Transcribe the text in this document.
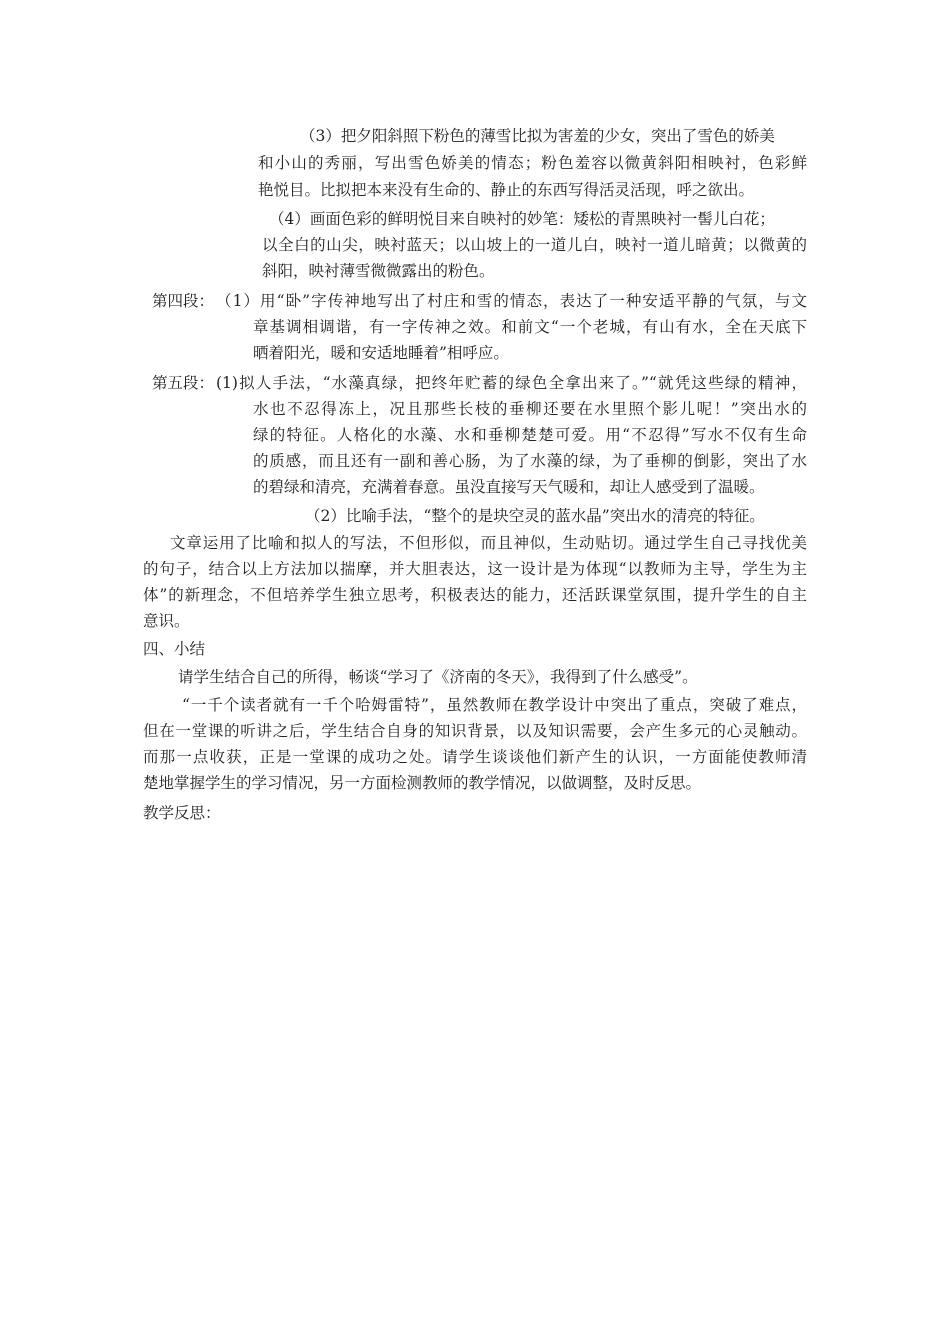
（3）把夕阳斜照下粉色的薄雪比拟为害羞的少女，突出了雪色的娇美
和小山的秀丽，写出雪色娇美的情态；粉色羞容以微黄斜阳相映衬，色彩鲜
艳悦目。比拟把本来没有生命的、静止的东西写得活灵活现，呼之欲出。
（4）画面色彩的鲜明悦目来自映衬的妙笔：矮松的青黑映衬一髻儿白花；
以全白的山尖，映衬蓝天；以山坡上的一道儿白，映衬一道儿暗黄；以微黄的
斜阳，映衬薄雪微微露出的粉色。
第四段： （1）用“卧”字传神地写出了村庄和雪的情态，表达了一种安适平静的气氛，与文
章基调相调谐，有一字传神之效。和前文“一个老城，有山有水，全在天底下
晒着阳光，暖和安适地睡着”相呼应。
第五段： (1)拟人手法，“水藻真绿，把终年贮蓄的绿色全拿出来了。”“就凭这些绿的精神，
水也不忍得冻上，况且那些长枝的垂柳还要在水里照个影儿呢！”突出水的
绿的特征。人格化的水藻、水和垂柳楚楚可爱。用“不忍得”写水不仅有生命
的质感，而且还有一副和善心肠，为了水藻的绿，为了垂柳的倒影，突出了水
的碧绿和清亮，充满着春意。虽没直接写天气暖和，却让人感受到了温暖。
（2）比喻手法，“整个的是块空灵的蓝水晶”突出水的清亮的特征。
文章运用了比喻和拟人的写法，不但形似，而且神似，生动贴切。通过学生自己寻找优美
的句子，结合以上方法加以揣摩，并大胆表达，这一设计是为体现“以教师为主导，学生为主
体”的新理念，不但培养学生独立思考，积极表达的能力，还活跃课堂氛围，提升学生的自主
意识。
四、小结
请学生结合自己的所得，畅谈“学习了《济南的冬天》，我得到了什么感受”。
“一千个读者就有一千个哈姆雷特”，虽然教师在教学设计中突出了重点，突破了难点，
但在一堂课的听讲之后，学生结合自身的知识背景，以及知识需要，会产生多元的心灵触动。
而那一点收获，正是一堂课的成功之处。请学生谈谈他们新产生的认识，一方面能使教师清
楚地掌握学生的学习情况，另一方面检测教师的教学情况，以做调整，及时反思。
教学反思：
